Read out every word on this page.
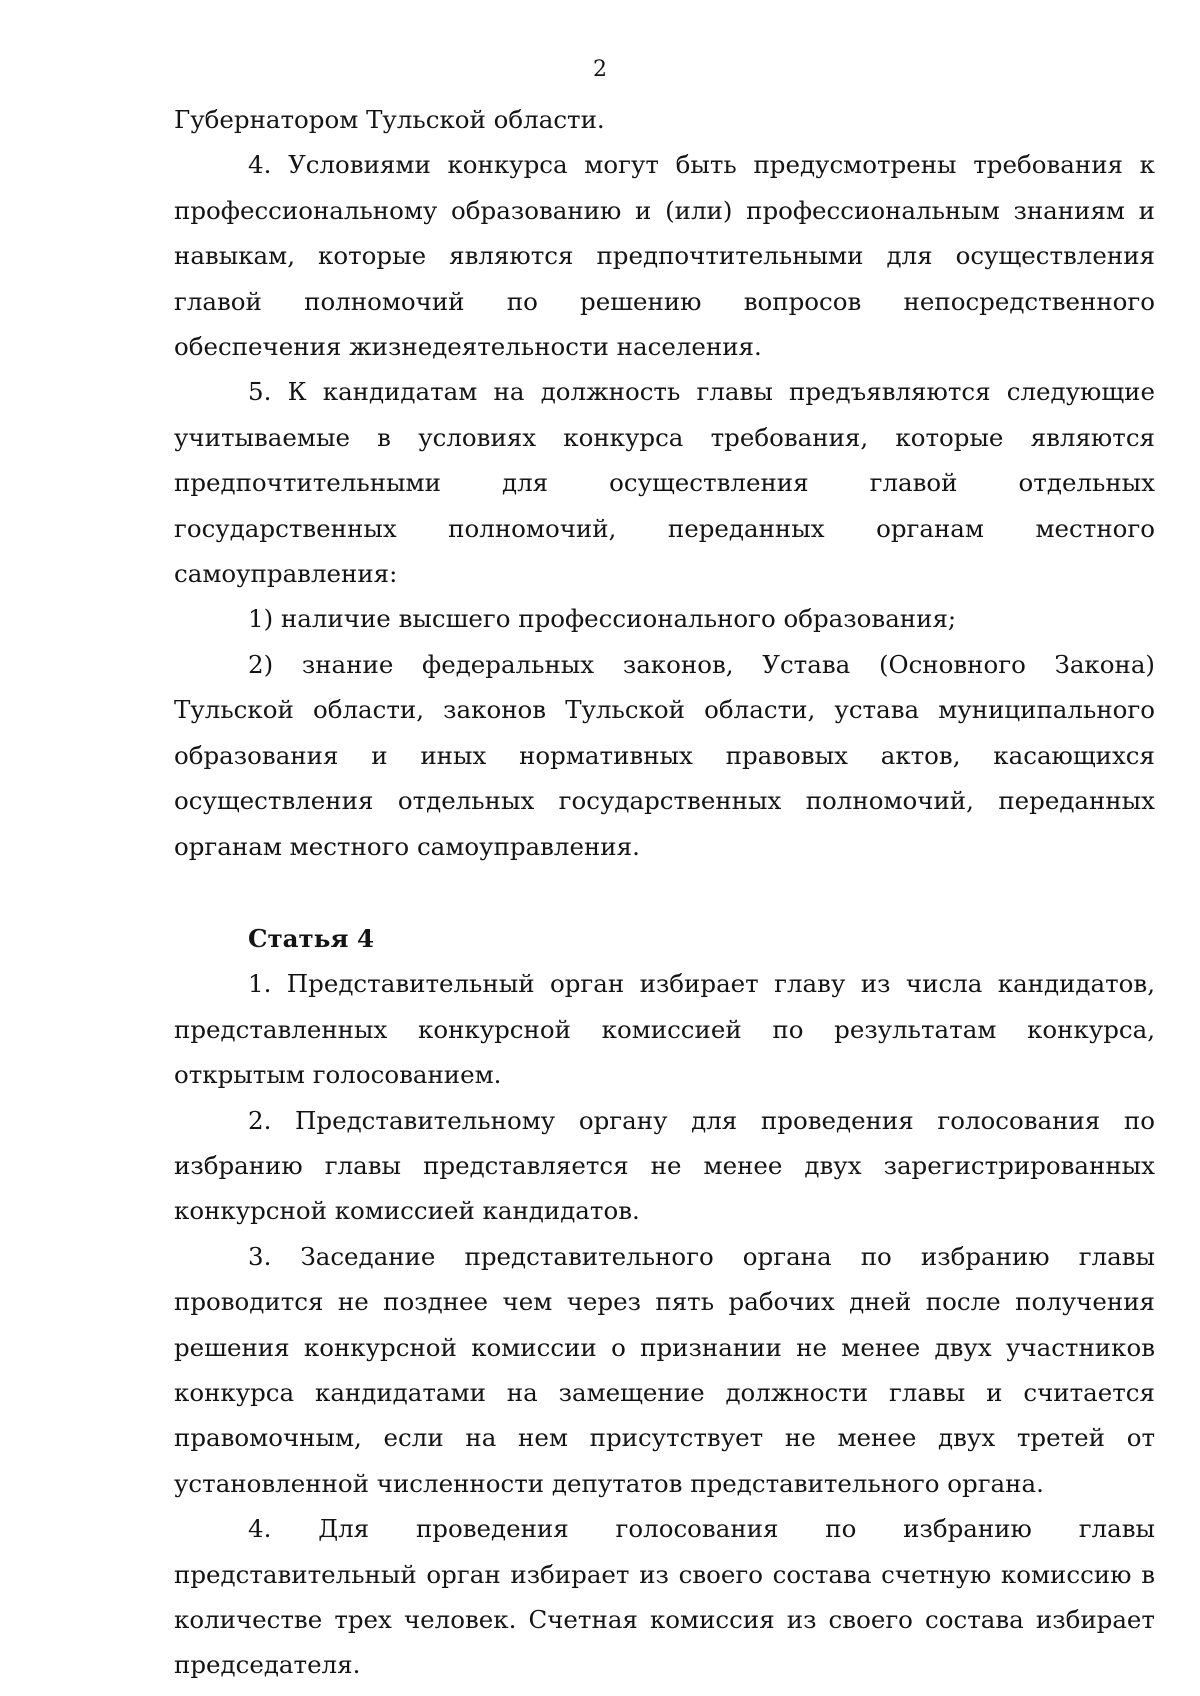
2

Губернатором Тульской области.

4. Условиями конкурса могут быть предусмотрены требования к профессиональному образованию и (или) профессиональным знаниям и навыкам, которые являются предпочтительными для осуществления главой полномочий по решению вопросов непосредственного обеспечения жизнедеятельности населения.

5. К кандидатам на должность главы предъявляются следующие учитываемые в условиях конкурса требования, которые являются предпочтительными для осуществления главой отдельных государственных полномочий, переданных органам местного самоуправления:

1) наличие высшего профессионального образования;

2) знание федеральных законов, Устава (Основного Закона) Тульской области, законов Тульской области, устава муниципального образования и иных нормативных правовых актов, касающихся осуществления отдельных государственных полномочий, переданных органам местного самоуправления.

Статья 4

1. Представительный орган избирает главу из числа кандидатов, представленных конкурсной комиссией по результатам конкурса, открытым голосованием.

2. Представительному органу для проведения голосования по избранию главы представляется не менее двух зарегистрированных конкурсной комиссией кандидатов.

3. Заседание представительного органа по избранию главы проводится не позднее чем через пять рабочих дней после получения решения конкурсной комиссии о признании не менее двух участников конкурса кандидатами на замещение должности главы и считается правомочным, если на нем присутствует не менее двух третей от установленной численности депутатов представительного органа.

4. Для проведения голосования по избранию главы представительный орган избирает из своего состава счетную комиссию в количестве трех человек. Счетная комиссия из своего состава избирает председателя.
